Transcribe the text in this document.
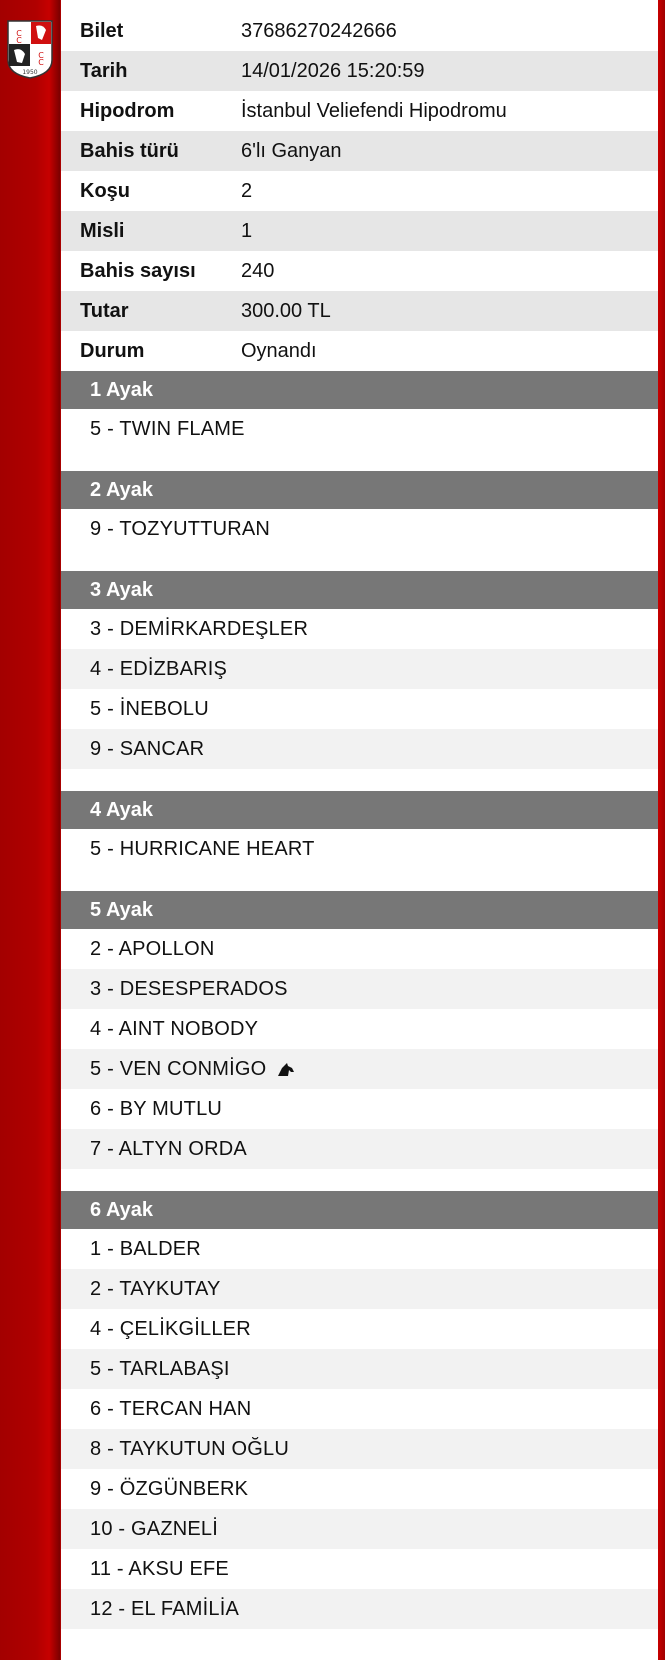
C
C
C
C
1950
Bilet	37686270242666
Tarih	14/01/2026 15:20:59
Hipodrom	İstanbul Veliefendi Hipodromu
Bahis türü	6'lı Ganyan
Koşu	2
Misli	1
Bahis sayısı	240
Tutar	300.00 TL
Durum	Oynandı
1 Ayak
5 - TWIN FLAME
2 Ayak
9 - TOZYUTTURAN
3 Ayak
3 - DEMİRKARDEŞLER
4 - EDİZBARIŞ
5 - İNEBOLU
9 - SANCAR
4 Ayak
5 - HURRICANE HEART
5 Ayak
2 - APOLLON
3 - DESESPERADOS
4 - AINT NOBODY
5 - VEN CONMİGO
6 - BY MUTLU
7 - ALTYN ORDA
6 Ayak
1 - BALDER
2 - TAYKUTAY
4 - ÇELİKGİLLER
5 - TARLABAŞI
6 - TERCAN HAN
8 - TAYKUTUN OĞLU
9 - ÖZGÜNBERK
10 - GAZNELİ
11 - AKSU EFE
12 - EL FAMİLİA
